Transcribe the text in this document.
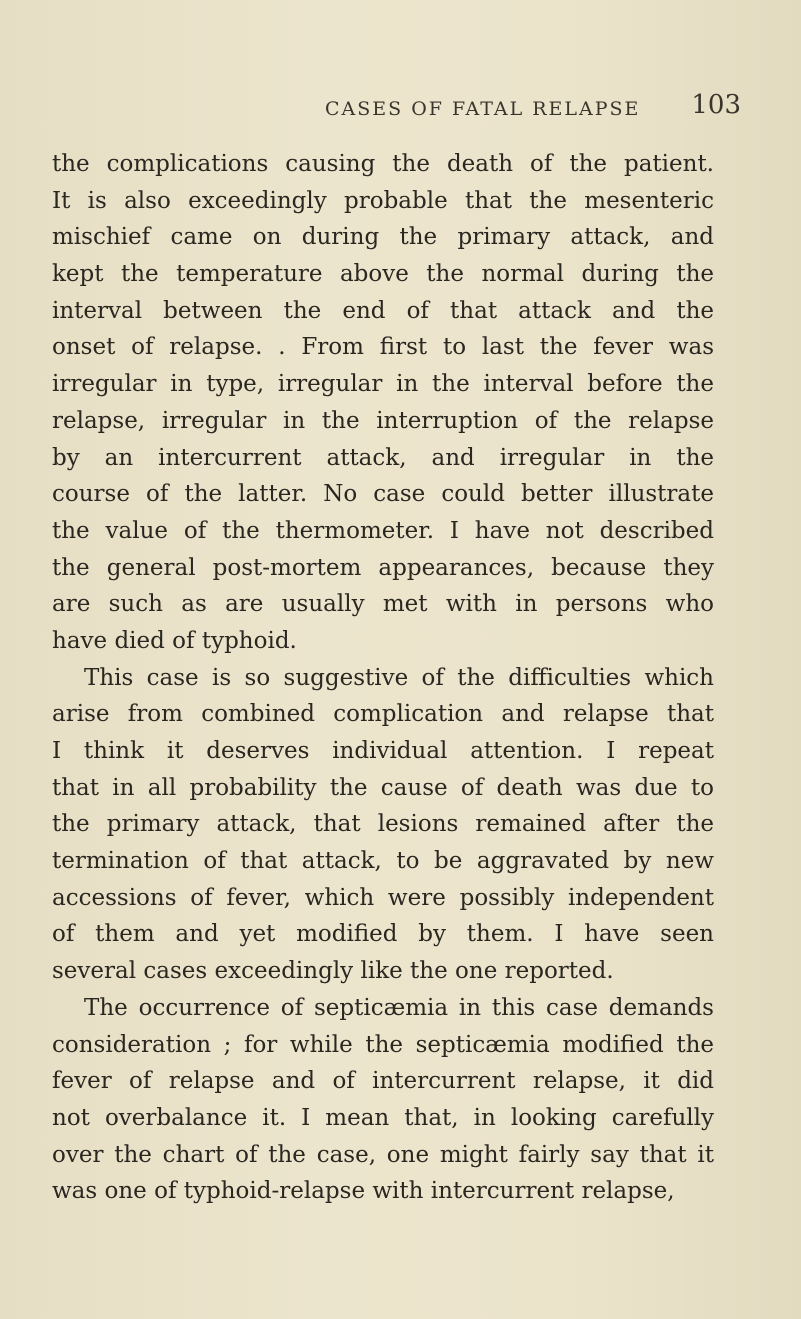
CASES OF FATAL RELAPSE 103
the complications causing the death of the patient.
It is also exceedingly probable that the mesenteric
mischief came on during the primary attack, and
kept the temperature above the normal during the
interval between the end of that attack and the
onset of relapse. . From first to last the fever was
irregular in type, irregular in the interval before the
relapse, irregular in the interruption of the relapse
by an intercurrent attack, and irregular in the
course of the latter. No case could better illustrate
the value of the thermometer. I have not described
the general post-mortem appearances, because they
are such as are usually met with in persons who
have died of typhoid.
This case is so suggestive of the difficulties which
arise from combined complication and relapse that
I think it deserves individual attention. I repeat
that in all probability the cause of death was due to
the primary attack, that lesions remained after the
termination of that attack, to be aggravated by new
accessions of fever, which were possibly independent
of them and yet modified by them. I have seen
several cases exceedingly like the one reported.
The occurrence of septicæmia in this case demands
consideration ; for while the septicæmia modified the
fever of relapse and of intercurrent relapse, it did
not overbalance it. I mean that, in looking carefully
over the chart of the case, one might fairly say that it
was one of typhoid-relapse with intercurrent relapse,
